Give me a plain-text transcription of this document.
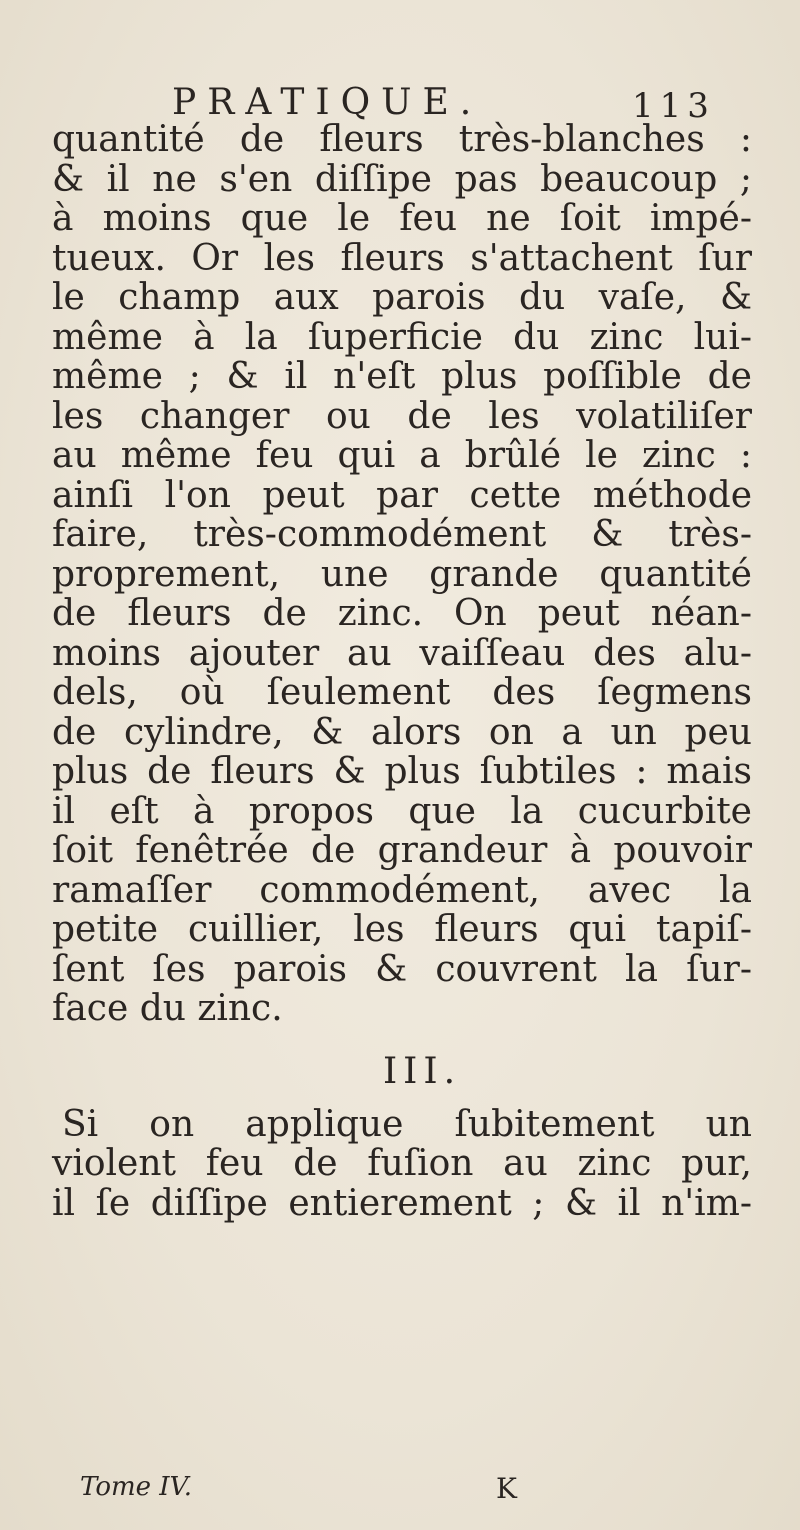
PRATIQUE.	113
quantité de fleurs très-blanches :
& il ne s'en diſſipe pas beaucoup ;
à moins que le feu ne ſoit impé-
tueux. Or les fleurs s'attachent ſur
le champ aux parois du vaſe, &
même à la ſuperficie du zinc lui-
même ; & il n'eſt plus poſſible de
les changer ou de les volatiliſer
au même feu qui a brûlé le zinc :
ainſi l'on peut par cette méthode
faire, très-commodément & très-
proprement, une grande quantité
de fleurs de zinc. On peut néan-
moins ajouter au vaiſſeau des alu-
dels, où ſeulement des ſegmens
de cylindre, & alors on a un peu
plus de fleurs & plus ſubtiles : mais
il eſt à propos que la cucurbite
ſoit fenêtrée de grandeur à pouvoir
ramaſſer commodément, avec la
petite cuillier, les fleurs qui tapiſ-
ſent ſes parois & couvrent la ſur-
face du zinc.
III.
Si on applique ſubitement un
violent feu de fuſion au zinc pur,
il ſe diſſipe entierement ; & il n'im-
Tome IV.	K
